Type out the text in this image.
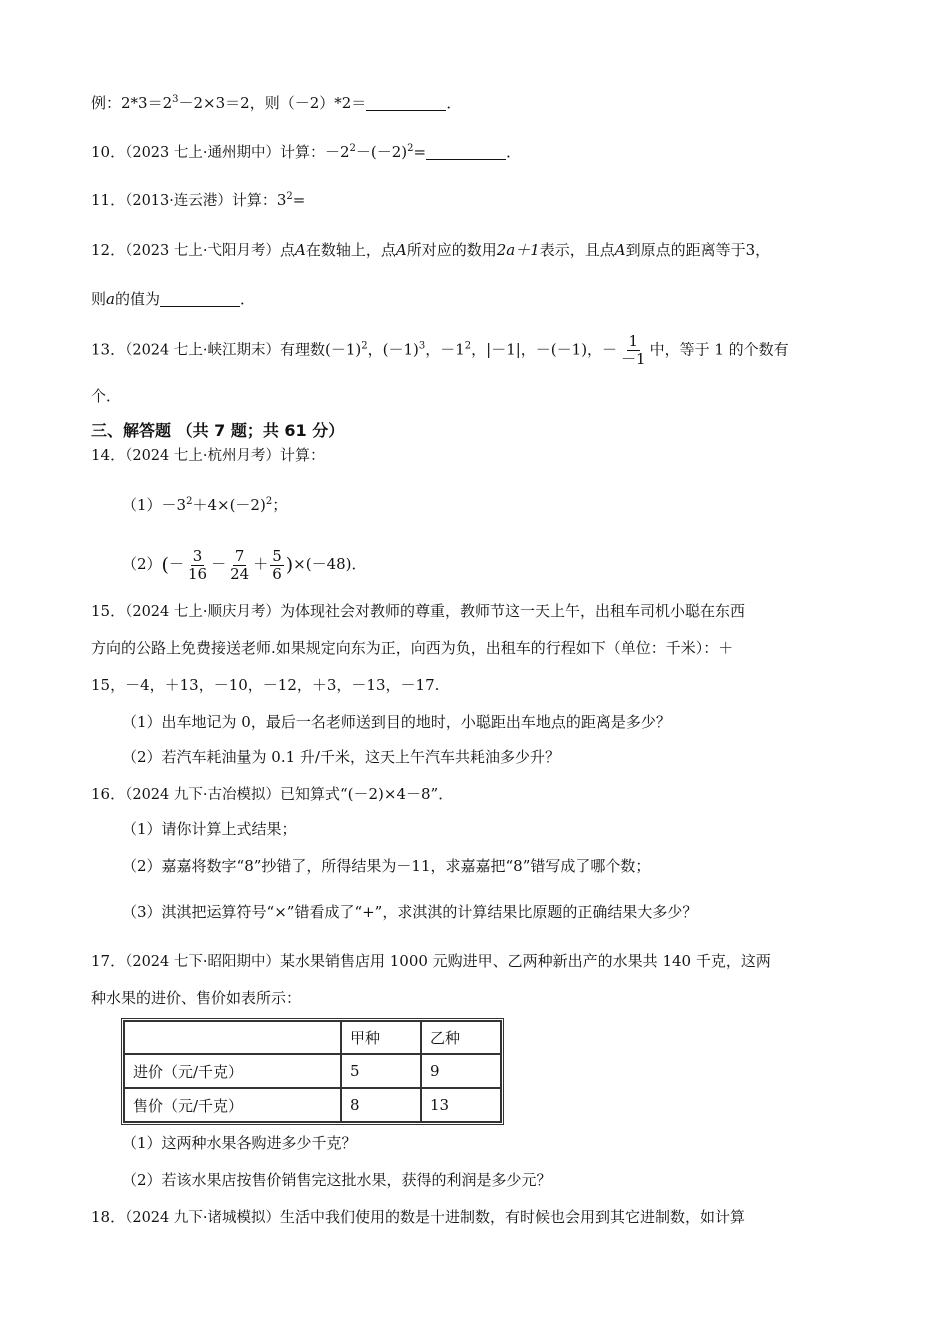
例：$2*3=2^3-2\times 3=2$，则（－2）*2＝	．
10．（2023 七上·通州期中）计算：$-2^2-(-2)^2=$	．
11．（2013·连云港）计算：$3^2=$
12．（2023 七上·弋阳月考）点A在数轴上，点A所对应的数用2a＋1表示，且点A到原点的距离等于3，
则a的值为	．
13．（2024 七上·峡江期末）有理数$(-1)^2$，$(-1)^3$，$-1^2$，|－1|，－(－1)，－ $\frac{1}{-1}$ 中，等于 1 的个数有
个．
三、解答题 （共 7 题；共 61 分）
14．（2024 七上·杭州月考）计算：
$(1)-3^2+4\times(-2)^2$；
$(2)(- \frac{3}{16} - \frac{7}{24} + \frac{5}{6} )\times(-48)$．
15．（2024 七上·顺庆月考）为体现社会对教师的尊重，教师节这一天上午，出租车司机小聪在东西
方向的公路上免费接送老师.如果规定向东为正，向西为负，出租车的行程如下（单位：千米）：＋
15，－4，＋13，－10，－12，＋3，－13，－17.
（1）出车地记为 0，最后一名老师送到目的地时，小聪距出车地点的距离是多少？
（2）若汽车耗油量为 0.1 升/千米，这天上午汽车共耗油多少升？
16．（2024 九下·古冶模拟）已知算式“(－2)×4－8”．
（1）请你计算上式结果；
（2）嘉嘉将数字“8”抄错了，所得结果为－11，求嘉嘉把“8”错写成了哪个数；
（3）淇淇把运算符号“×”错看成了“+”，求淇淇的计算结果比原题的正确结果大多少？
17．（2024 七下·昭阳期中）某水果销售店用 1000 元购进甲、乙两种新出产的水果共 140 千克，这两
种水果的进价、售价如表所示：
	甲种	乙种
进价（元/千克）	5	9
售价（元/千克）	8	13
（1）这两种水果各购进多少千克？
（2）若该水果店按售价销售完这批水果，获得的利润是多少元？
18．（2024 九下·诸城模拟）生活中我们使用的数是十进制数，有时候也会用到其它进制数，如计算
